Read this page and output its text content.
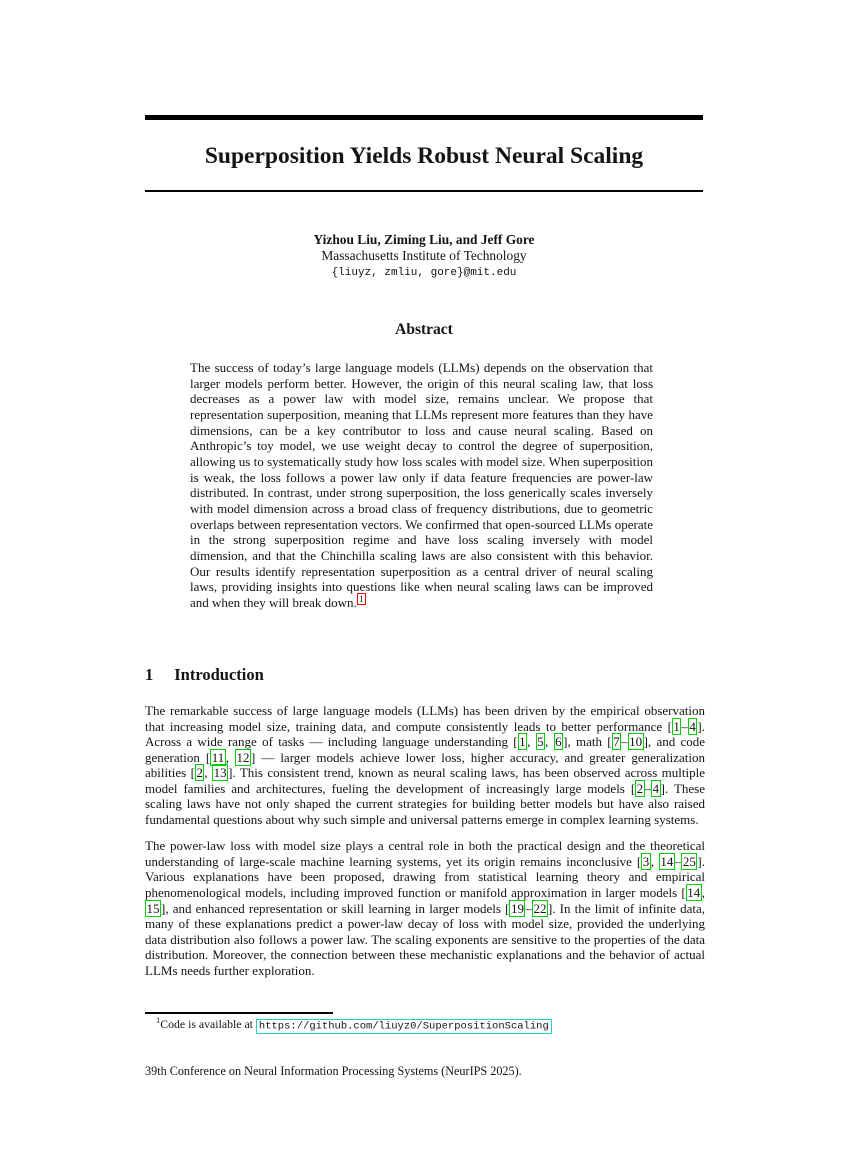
Superposition Yields Robust Neural Scaling
Yizhou Liu, Ziming Liu, and Jeff Gore
Massachusetts Institute of Technology
{liuyz, zmliu, gore}@mit.edu
Abstract
The success of today’s large language models (LLMs) depends on the observation that larger models perform better. However, the origin of this neural scaling law, that loss decreases as a power law with model size, remains unclear. We propose that representation superposition, meaning that LLMs represent more features than they have dimensions, can be a key contributor to loss and cause neural scaling. Based on Anthropic’s toy model, we use weight decay to control the degree of superposition, allowing us to systematically study how loss scales with model size. When superposition is weak, the loss follows a power law only if data feature frequencies are power-law distributed. In contrast, under strong superposition, the loss generically scales inversely with model dimension across a broad class of frequency distributions, due to geometric overlaps between representation vectors. We confirmed that open-sourced LLMs operate in the strong superposition regime and have loss scaling inversely with model dimension, and that the Chinchilla scaling laws are also consistent with this behavior. Our results identify representation superposition as a central driver of neural scaling laws, providing insights into questions like when neural scaling laws can be improved and when they will break down. $^1$
1 Introduction

The remarkable success of large language models (LLMs) has been driven by the empirical observation that increasing model size, training data, and compute consistently leads to better performance [ 1 – 4 ]. Across a wide range of tasks — including language understanding [ 1 , 5 , 6 ], math [ 7 – 10 ], and code generation [ 11 , 12 ] — larger models achieve lower loss, higher accuracy, and greater generalization abilities [ 2 , 13 ]. This consistent trend, known as neural scaling laws, has been observed across multiple model families and architectures, fueling the development of increasingly large models [ 2 – 4 ]. These scaling laws have not only shaped the current strategies for building better models but have also raised fundamental questions about why such simple and universal patterns emerge in complex learning systems.

The power-law loss with model size plays a central role in both the practical design and the theoretical understanding of large-scale machine learning systems, yet its origin remains inconclusive [ 3 , 14 – 25 ]. Various explanations have been proposed, drawing from statistical learning theory and empirical phenomenological models, including improved function or manifold approximation in larger models [ 14 , 15 ], and enhanced representation or skill learning in larger models [ 19 – 22 ]. In the limit of infinite data, many of these explanations predict a power-law decay of loss with model size, provided the underlying data distribution also follows a power law. The scaling exponents are sensitive to the properties of the data distribution. Moreover, the connection between these mechanistic explanations and the behavior of actual LLMs needs further exploration.

$^1$Code is available at https://github.com/liuyz0/SuperpositionScaling
39th Conference on Neural Information Processing Systems (NeurIPS 2025).
